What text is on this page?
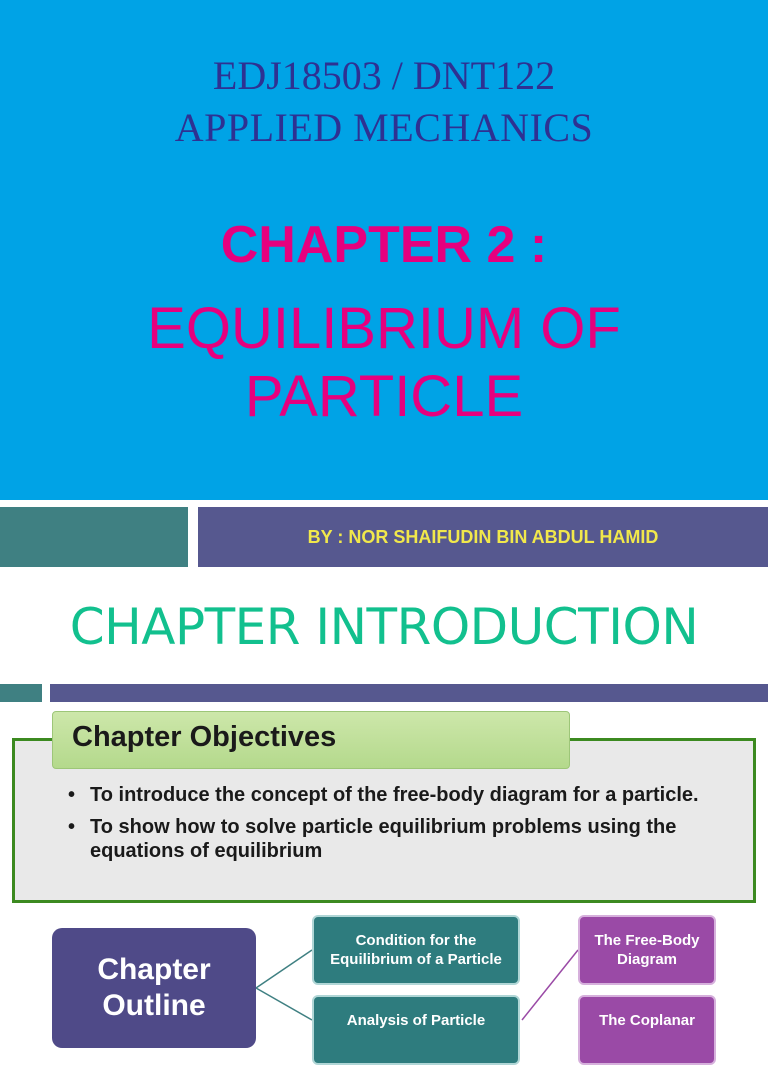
EDJ18503 / DNT122
APPLIED MECHANICS
CHAPTER 2 :
EQUILIBRIUM OF
PARTICLE
BY : NOR SHAIFUDIN BIN ABDUL HAMID
CHAPTER INTRODUCTION
Chapter Objectives
• To introduce the concept of the free-body diagram for a particle.
• To show how to solve particle equilibrium problems using the equations of equilibrium
Chapter
Outline
Condition for the Equilibrium of a Particle
Analysis of Particle
The Free-Body Diagram
The Coplanar
